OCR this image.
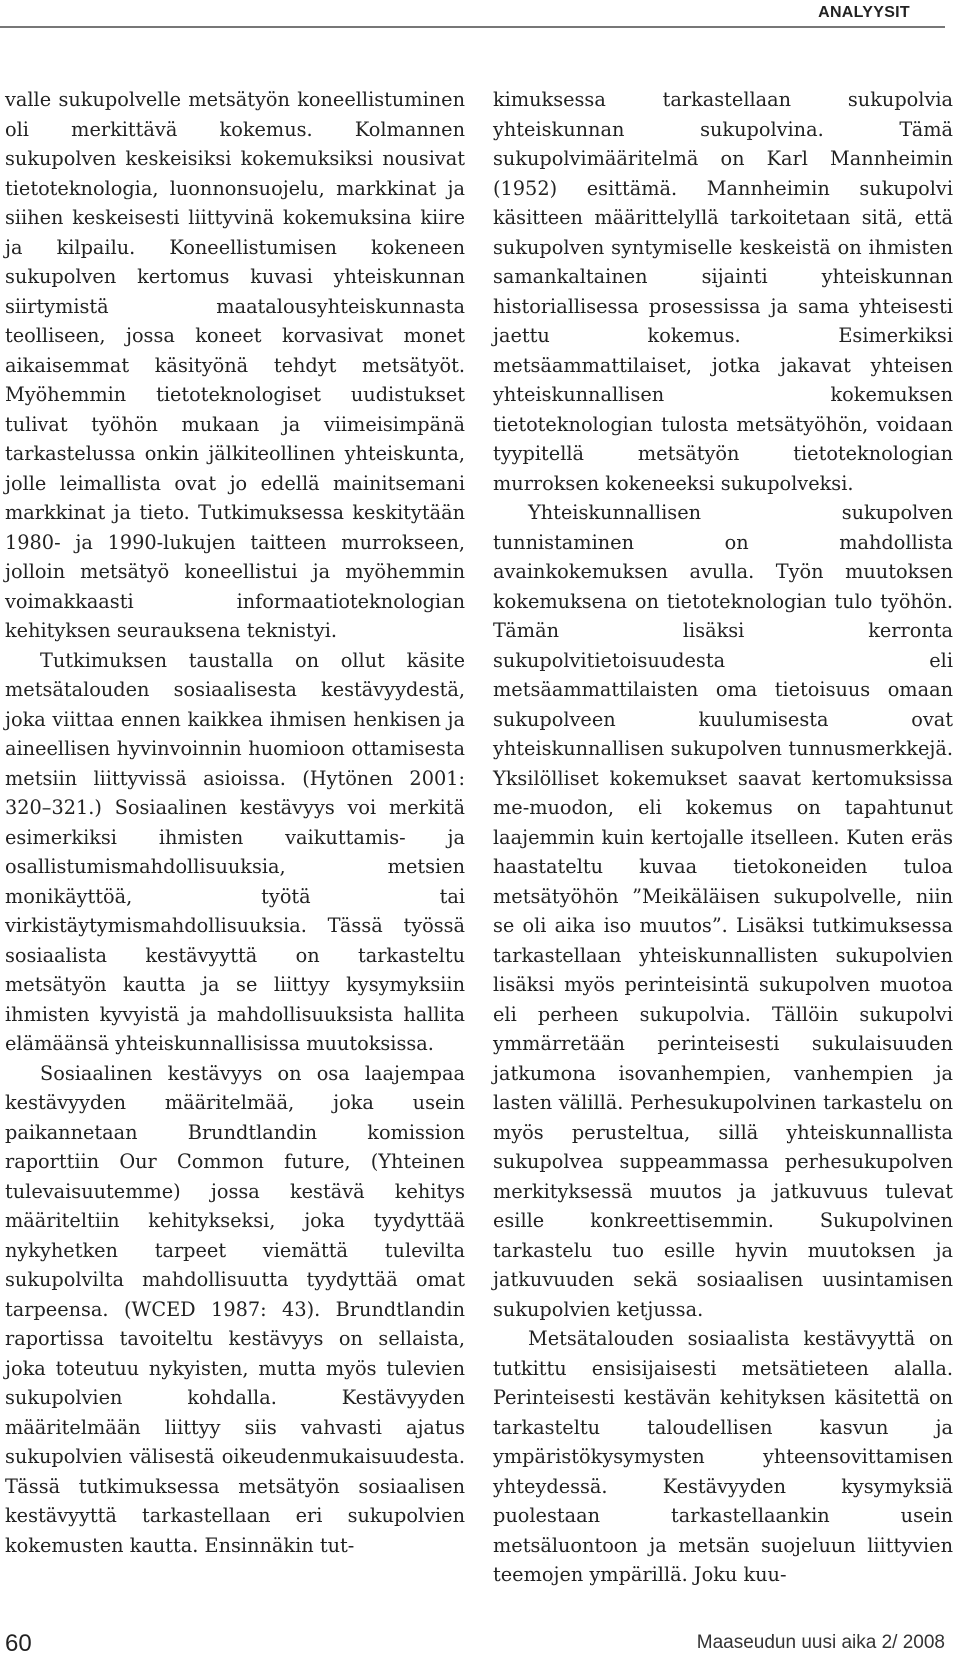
ANALYYSIT

valle sukupolvelle metsätyön koneellistuminen oli merkittävä kokemus. Kolmannen sukupolven keskeisiksi kokemuksiksi nousivat tietoteknologia, luonnonsuojelu, markkinat ja siihen keskeisesti liittyvinä kokemuksina kiire ja kilpailu. Koneellistumisen kokeneen sukupolven kertomus kuvasi yhteiskunnan siirtymistä maatalousyhteiskunnasta teolliseen, jossa koneet korvasivat monet aikaisemmat käsityönä tehdyt metsätyöt. Myöhemmin tietoteknologiset uudistukset tulivat työhön mukaan ja viimeisimpänä tarkastelussa onkin jälkiteollinen yhteiskunta, jolle leimallista ovat jo edellä mainitsemani markkinat ja tieto. Tutkimuksessa keskitytään 1980- ja 1990-lukujen taitteen murrokseen, jolloin metsätyö koneellistui ja myöhemmin voimakkaasti informaatioteknologian kehityksen seurauksena teknistyi.

Tutkimuksen taustalla on ollut käsite metsätalouden sosiaalisesta kestävyydestä, joka viittaa ennen kaikkea ihmisen henkisen ja aineellisen hyvinvoinnin huomioon ottamisesta metsiin liittyvissä asioissa. (Hytönen 2001: 320–321.) Sosiaalinen kestävyys voi merkitä esimerkiksi ihmisten vaikuttamis- ja osallistumismahdollisuuksia, metsien monikäyttöä, työtä tai virkistäytymismahdollisuuksia. Tässä työssä sosiaalista kestävyyttä on tarkasteltu metsätyön kautta ja se liittyy kysymyksiin ihmisten kyvyistä ja mahdollisuuksista hallita elämäänsä yhteiskunnallisissa muutoksissa.

Sosiaalinen kestävyys on osa laajempaa kestävyyden määritelmää, joka usein paikannetaan Brundtlandin komission raporttiin Our Common future, (Yhteinen tulevaisuutemme) jossa kestävä kehitys määriteltiin kehitykseksi, joka tyydyttää nykyhetken tarpeet viemättä tulevilta sukupolvilta mahdollisuutta tyydyttää omat tarpeensa. (WCED 1987: 43). Brundtlandin raportissa tavoiteltu kestävyys on sellaista, joka toteutuu nykyisten, mutta myös tulevien sukupolvien kohdalla. Kestävyyden määritelmään liittyy siis vahvasti ajatus sukupolvien välisestä oikeudenmukaisuudesta. Tässä tutkimuksessa metsätyön sosiaalisen kestävyyttä tarkastellaan eri sukupolvien kokemusten kautta. Ensinnäkin tut-

kimuksessa tarkastellaan sukupolvia yhteiskunnan sukupolvina. Tämä sukupolvimääritelmä on Karl Mannheimin (1952) esittämä. Mannheimin sukupolvi käsitteen määrittelyllä tarkoitetaan sitä, että sukupolven syntymiselle keskeistä on ihmisten samankaltainen sijainti yhteiskunnan historiallisessa prosessissa ja sama yhteisesti jaettu kokemus. Esimerkiksi metsäammattilaiset, jotka jakavat yhteisen yhteiskunnallisen kokemuksen tietoteknologian tulosta metsätyöhön, voidaan tyypitellä metsätyön tietoteknologian murroksen kokeneeksi sukupolveksi.

Yhteiskunnallisen sukupolven tunnistaminen on mahdollista avainkokemuksen avulla. Työn muutoksen kokemuksena on tietoteknologian tulo työhön. Tämän lisäksi kerronta sukupolvitietoisuudesta eli metsäammattilaisten oma tietoisuus omaan sukupolveen kuulumisesta ovat yhteiskunnallisen sukupolven tunnusmerkkejä. Yksilölliset kokemukset saavat kertomuksissa me-muodon, eli kokemus on tapahtunut laajemmin kuin kertojalle itselleen. Kuten eräs haastateltu kuvaa tietokoneiden tuloa metsätyöhön ”Meikäläisen sukupolvelle, niin se oli aika iso muutos”. Lisäksi tutkimuksessa tarkastellaan yhteiskunnallisten sukupolvien lisäksi myös perinteisintä sukupolven muotoa eli perheen sukupolvia. Tällöin sukupolvi ymmärretään perinteisesti sukulaisuuden jatkumona isovanhempien, vanhempien ja lasten välillä. Perhesukupolvinen tarkastelu on myös perusteltua, sillä yhteiskunnallista sukupolvea suppeammassa perhesukupolven merkityksessä muutos ja jatkuvuus tulevat esille konkreettisemmin. Sukupolvinen tarkastelu tuo esille hyvin muutoksen ja jatkuvuuden sekä sosiaalisen uusintamisen sukupolvien ketjussa.

Metsätalouden sosiaalista kestävyyttä on tutkittu ensisijaisesti metsätieteen alalla. Perinteisesti kestävän kehityksen käsitettä on tarkasteltu taloudellisen kasvun ja ympäristökysymysten yhteensovittamisen yhteydessä. Kestävyyden kysymyksiä puolestaan tarkastellaankin usein metsäluontoon ja metsän suojeluun liittyvien teemojen ympärillä. Joku kuu-

60	Maaseudun uusi aika 2/ 2008
